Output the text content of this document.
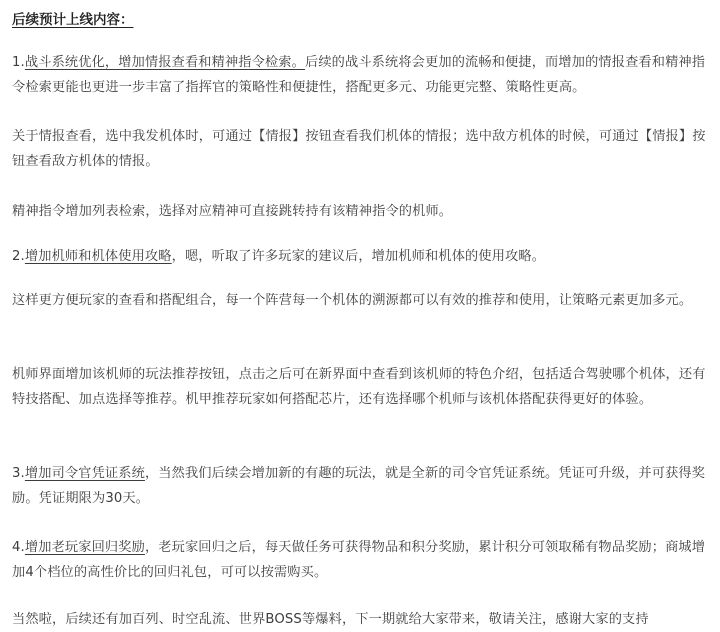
后续预计上线内容：
1.战斗系统优化，增加情报查看和精神指令检索。后续的战斗系统将会更加的流畅和便捷，而增加的情报查看和精神指令检索更能也更进一步丰富了指挥官的策略性和便捷性，搭配更多元、功能更完整、策略性更高。
关于情报查看，选中我发机体时，可通过【情报】按钮查看我们机体的情报；选中敌方机体的时候，可通过【情报】按钮查看敌方机体的情报。
精神指令增加列表检索，选择对应精神可直接跳转持有该精神指令的机师。
2.增加机师和机体使用攻略，嗯，听取了许多玩家的建议后，增加机师和机体的使用攻略。
这样更方便玩家的查看和搭配组合，每一个阵营每一个机体的溯源都可以有效的推荐和使用，让策略元素更加多元。
机师界面增加该机师的玩法推荐按钮，点击之后可在新界面中查看到该机师的特色介绍，包括适合驾驶哪个机体，还有特技搭配、加点选择等推荐。机甲推荐玩家如何搭配芯片，还有选择哪个机师与该机体搭配获得更好的体验。
3.增加司令官凭证系统，当然我们后续会增加新的有趣的玩法，就是全新的司令官凭证系统。凭证可升级，并可获得奖励。凭证期限为30天。
4.增加老玩家回归奖励，老玩家回归之后，每天做任务可获得物品和积分奖励，累计积分可领取稀有物品奖励；商城增加4个档位的高性价比的回归礼包，可可以按需购买。
当然啦，后续还有加百列、时空乱流、世界BOSS等爆料，下一期就给大家带来，敬请关注，感谢大家的支持
